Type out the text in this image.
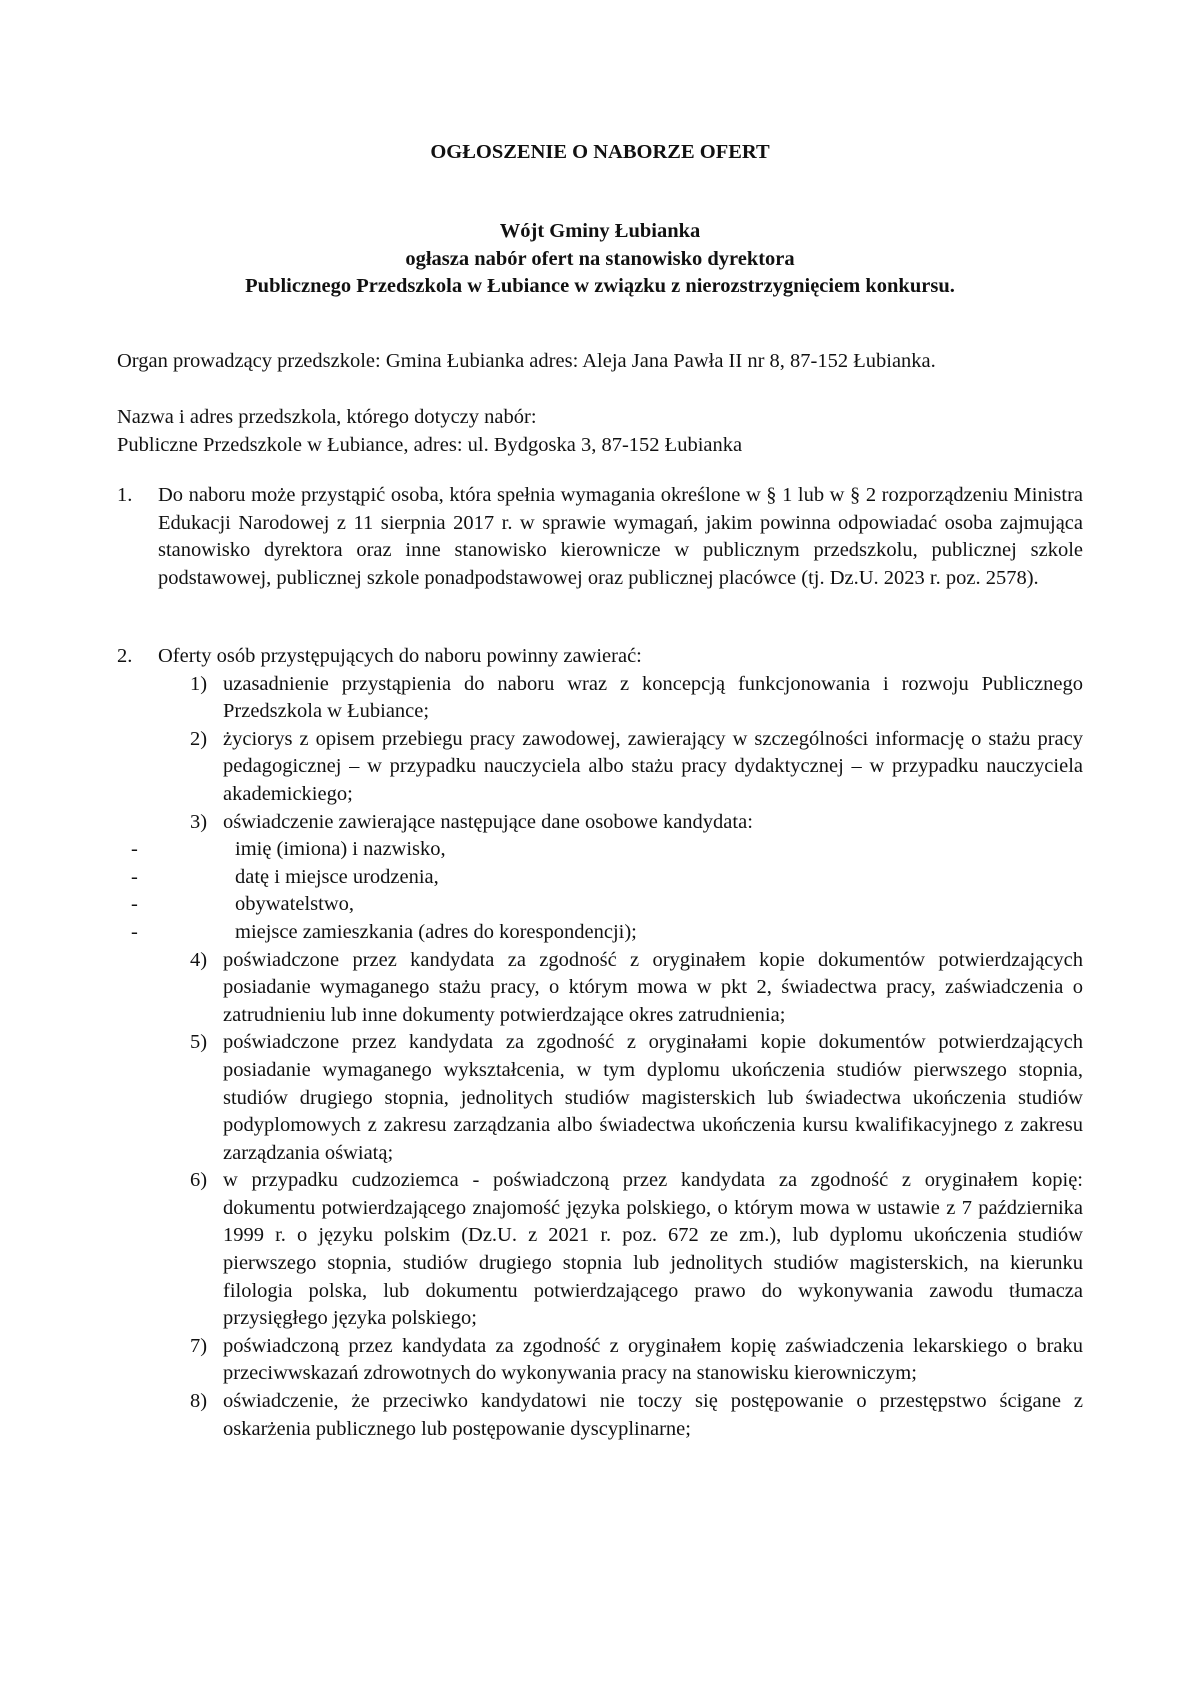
OGŁOSZENIE O NABORZE OFERT

Wójt Gminy Łubianka

ogłasza nabór ofert na stanowisko dyrektora

Publicznego Przedszkola w Łubiance w związku z nierozstrzygnięciem konkursu.

Organ prowadzący przedszkole: Gmina Łubianka adres: Aleja Jana Pawła II nr 8, 87-152 Łubianka.

Nazwa i adres przedszkola, którego dotyczy nabór:

Publiczne Przedszkole w Łubiance, adres: ul. Bydgoska 3, 87-152 Łubianka

1.	Do naboru może przystąpić osoba, która spełnia wymagania określone w § 1 lub w § 2 rozporządzeniu Ministra Edukacji Narodowej z 11 sierpnia 2017 r. w sprawie wymagań, jakim powinna odpowiadać osoba zajmująca stanowisko dyrektora oraz inne stanowisko kierownicze w publicznym przedszkolu, publicznej szkole podstawowej, publicznej szkole ponadpodstawowej oraz publicznej placówce (tj. Dz.U. 2023 r. poz. 2578).
2.	Oferty osób przystępujących do naboru powinny zawierać:
1) uzasadnienie przystąpienia do naboru wraz z koncepcją funkcjonowania i rozwoju Publicznego Przedszkola w Łubiance;
2) życiorys z opisem przebiegu pracy zawodowej, zawierający w szczególności informację o stażu pracy pedagogicznej – w przypadku nauczyciela albo stażu pracy dydaktycznej – w przypadku nauczyciela akademickiego;
3) oświadczenie zawierające następujące dane osobowe kandydata:
-	imię (imiona) i nazwisko,
-	datę i miejsce urodzenia,
-	obywatelstwo,
-	miejsce zamieszkania (adres do korespondencji);
4) poświadczone przez kandydata za zgodność z oryginałem kopie dokumentów potwierdzających posiadanie wymaganego stażu pracy, o którym mowa w pkt 2, świadectwa pracy, zaświadczenia o zatrudnieniu lub inne dokumenty potwierdzające okres zatrudnienia;
5) poświadczone przez kandydata za zgodność z oryginałami kopie dokumentów potwierdzających posiadanie wymaganego wykształcenia, w tym dyplomu ukończenia studiów pierwszego stopnia, studiów drugiego stopnia, jednolitych studiów magisterskich lub świadectwa ukończenia studiów podyplomowych z zakresu zarządzania albo świadectwa ukończenia kursu kwalifikacyjnego z zakresu zarządzania oświatą;
6) w przypadku cudzoziemca - poświadczoną przez kandydata za zgodność z oryginałem kopię: dokumentu potwierdzającego znajomość języka polskiego, o którym mowa w ustawie z 7 października 1999 r. o języku polskim (Dz.U. z 2021 r. poz. 672 ze zm.), lub dyplomu ukończenia studiów pierwszego stopnia, studiów drugiego stopnia lub jednolitych studiów magisterskich, na kierunku filologia polska, lub dokumentu potwierdzającego prawo do wykonywania zawodu tłumacza przysięgłego języka polskiego;
7) poświadczoną przez kandydata za zgodność z oryginałem kopię zaświadczenia lekarskiego o braku przeciwwskazań zdrowotnych do wykonywania pracy na stanowisku kierowniczym;
8) oświadczenie, że przeciwko kandydatowi nie toczy się postępowanie o przestępstwo ścigane z oskarżenia publicznego lub postępowanie dyscyplinarne;
